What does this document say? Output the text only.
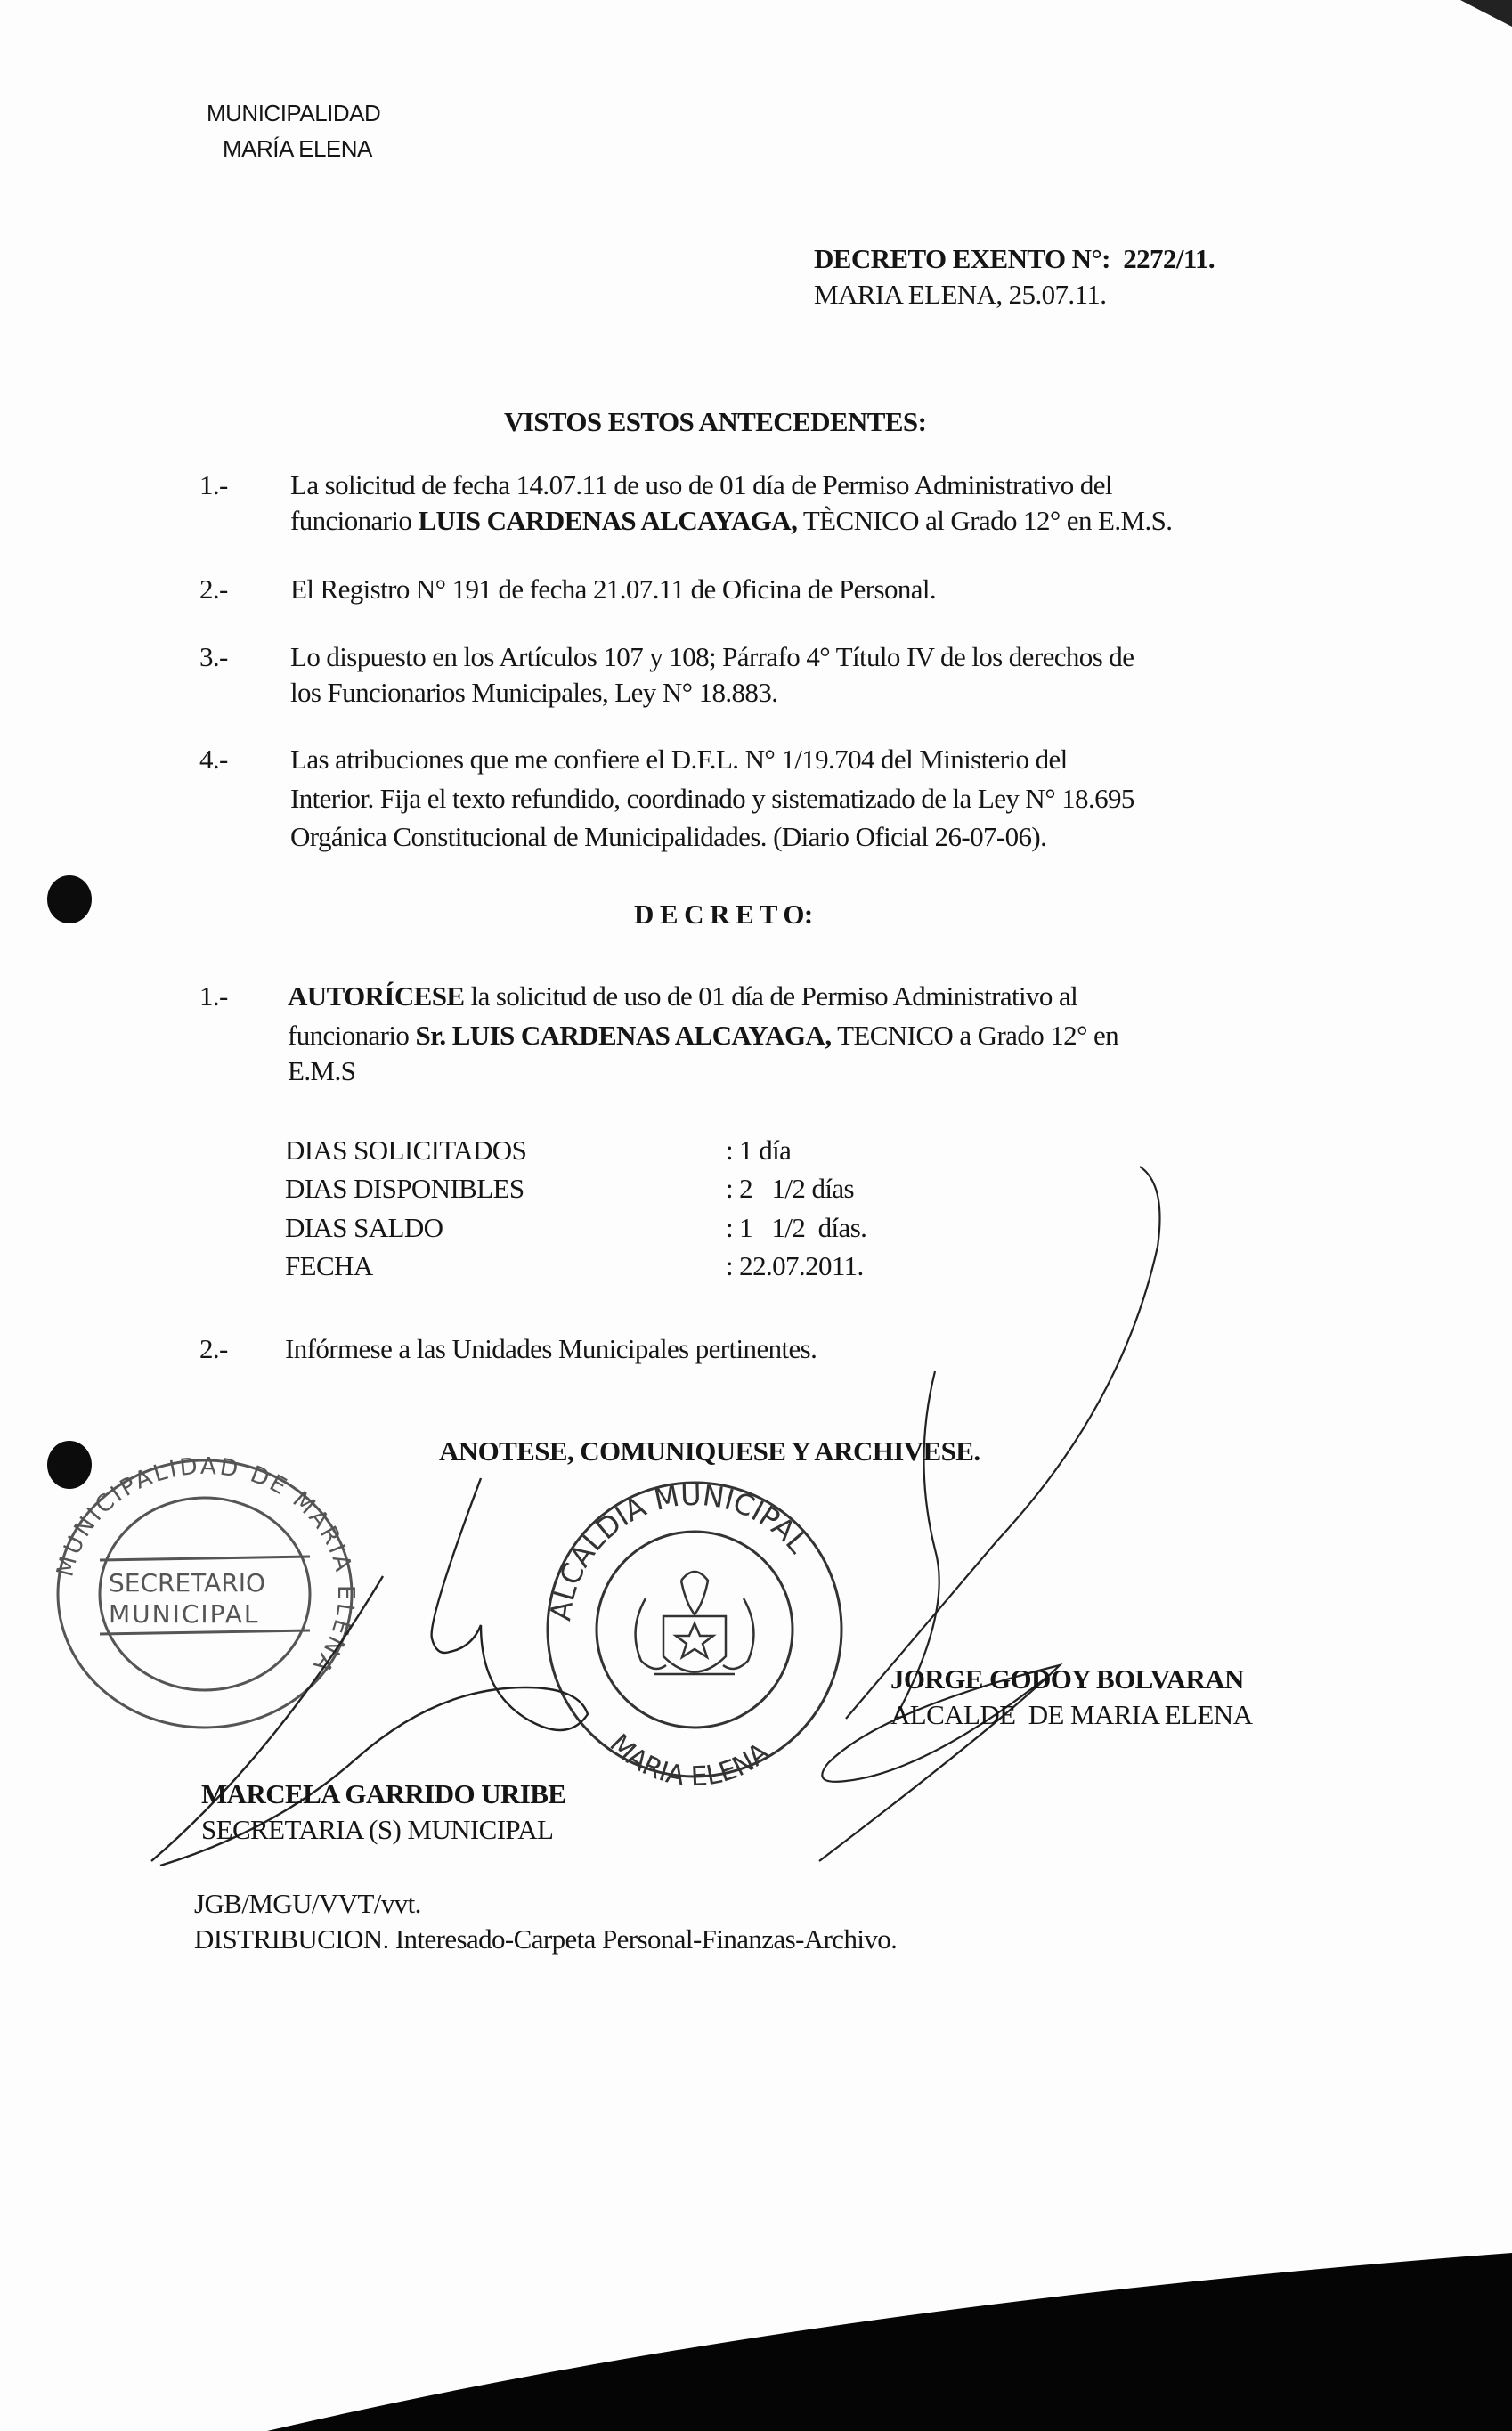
MUNICIPALIDAD
MARÍA ELENA
DECRETO EXENTO N°: 2272/11.
MARIA ELENA, 25.07.11.
VISTOS ESTOS ANTECEDENTES:
1.- La solicitud de fecha 14.07.11 de uso de 01 día de Permiso Administrativo del
funcionario LUIS CARDENAS ALCAYAGA, TÈCNICO al Grado 12° en E.M.S.
2.- El Registro N° 191 de fecha 21.07.11 de Oficina de Personal.
3.- Lo dispuesto en los Artículos 107 y 108; Párrafo 4° Título IV de los derechos de
los Funcionarios Municipales, Ley N° 18.883.
4.- Las atribuciones que me confiere el D.F.L. N° 1/19.704 del Ministerio del
Interior. Fija el texto refundido, coordinado y sistematizado de la Ley N° 18.695
Orgánica Constitucional de Municipalidades. (Diario Oficial 26-07-06).
D E C R E T O:
1.- AUTORÍCESE la solicitud de uso de 01 día de Permiso Administrativo al
funcionario Sr. LUIS CARDENAS ALCAYAGA, TECNICO a Grado 12° en
E.M.S
DIAS SOLICITADOS	: 1 día
DIAS DISPONIBLES	: 2   1/2 días
DIAS SALDO	: 1   1/2  días.
FECHA	: 22.07.2011.
2.- Infórmese a las Unidades Municipales pertinentes.
ANOTESE, COMUNIQUESE Y ARCHIVESE.
MUNICIPALIDAD DE MARIA ELENA
SECRETARIO
MUNICIPAL	ALCALDIA MUNICIPAL
MARIA ELENA
JORGE GODOY BOLVARAN
ALCALDE  DE MARIA ELENA
MARCELA GARRIDO URIBE
SECRETARIA (S) MUNICIPAL
JGB/MGU/VVT/vvt.
DISTRIBUCION. Interesado-Carpeta Personal-Finanzas-Archivo.
